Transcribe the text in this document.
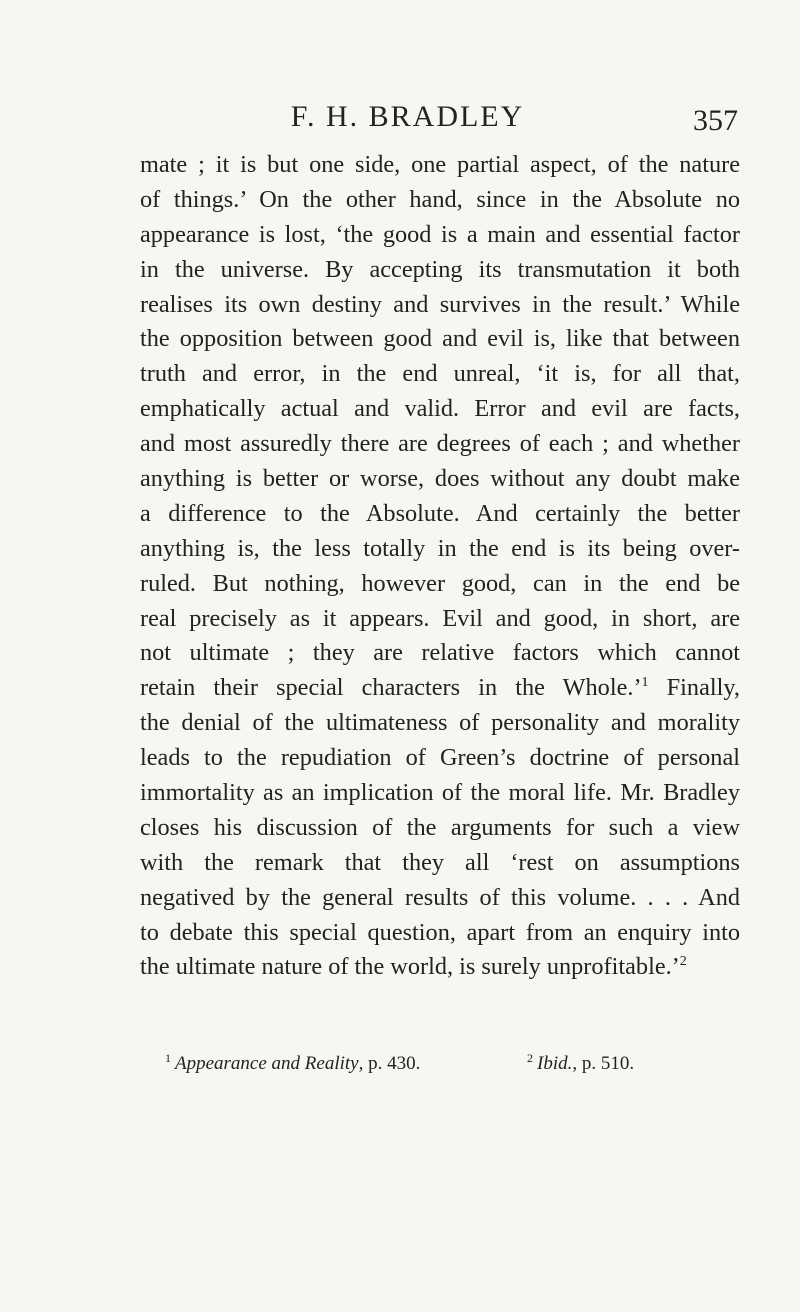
F. H. BRADLEY	357
mate ; it is but one side, one partial aspect, of the nature
of things.’ On the other hand, since in the Absolute no
appearance is lost, ‘the good is a main and essential factor
in the universe. By accepting its transmutation it both
realises its own destiny and survives in the result.’ While
the opposition between good and evil is, like that between
truth and error, in the end unreal, ‘it is, for all that,
emphatically actual and valid. Error and evil are facts,
and most assuredly there are degrees of each ; and whether
anything is better or worse, does without any doubt make
a difference to the Absolute. And certainly the better
anything is, the less totally in the end is its being over-
ruled. But nothing, however good, can in the end be
real precisely as it appears. Evil and good, in short, are
not ultimate ; they are relative factors which cannot
retain their special characters in the Whole.’$^1$ Finally,
the denial of the ultimateness of personality and morality
leads to the repudiation of Green’s doctrine of personal
immortality as an implication of the moral life. Mr. Bradley
closes his discussion of the arguments for such a view
with the remark that they all ‘rest on assumptions
negatived by the general results of this volume. . . . And
to debate this special question, apart from an enquiry into
the ultimate nature of the world, is surely unprofitable.’$^2$
$^1$ Appearance and Reality, p. 430.	$^2$ Ibid., p. 510.
